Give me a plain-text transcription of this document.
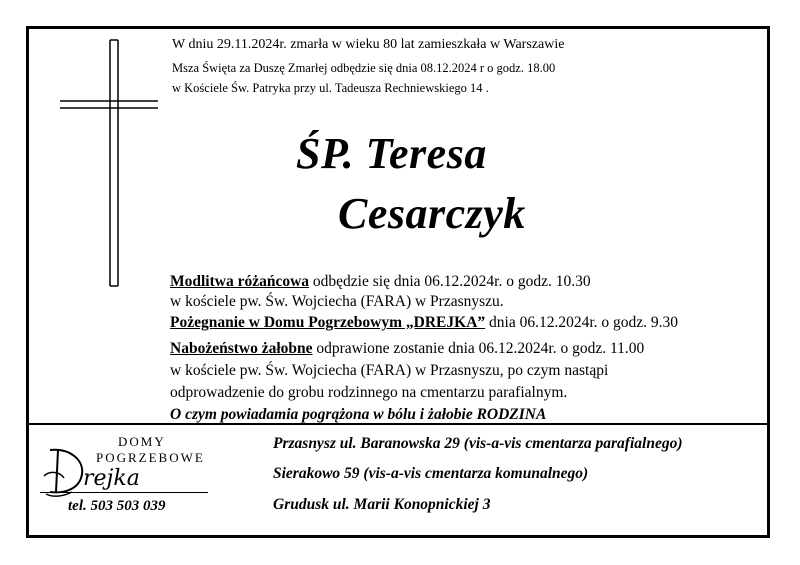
W dniu 29.11.2024r. zmarła w wieku 80 lat zamieszkała w Warszawie
Msza Święta za Duszę Zmarłej odbędzie się dnia 08.12.2024 r o godz. 18.00
w Kościele Św. Patryka przy ul. Tadeusza Rechniewskiego 14 .
ŚP. Teresa
Cesarczyk
Modlitwa różańcowa odbędzie się dnia 06.12.2024r. o godz. 10.30
w kościele pw. Św. Wojciecha (FARA) w Przasnyszu.
Pożegnanie w Domu Pogrzebowym „DREJKA” dnia 06.12.2024r. o godz. 9.30
Nabożeństwo żałobne odprawione zostanie dnia 06.12.2024r. o godz. 11.00
w kościele pw. Św. Wojciecha (FARA) w Przasnyszu, po czym nastąpi
odprowadzenie do grobu rodzinnego na cmentarzu parafialnym.
O czym powiadamia pogrążona w bólu i żałobie RODZINA
DOMY
POGRZEBOWE
rejka
tel. 503 503 039
Przasnysz ul. Baranowska 29 (vis-a-vis cmentarza parafialnego)
Sierakowo 59 (vis-a-vis cmentarza komunalnego)
Grudusk ul. Marii Konopnickiej 3
